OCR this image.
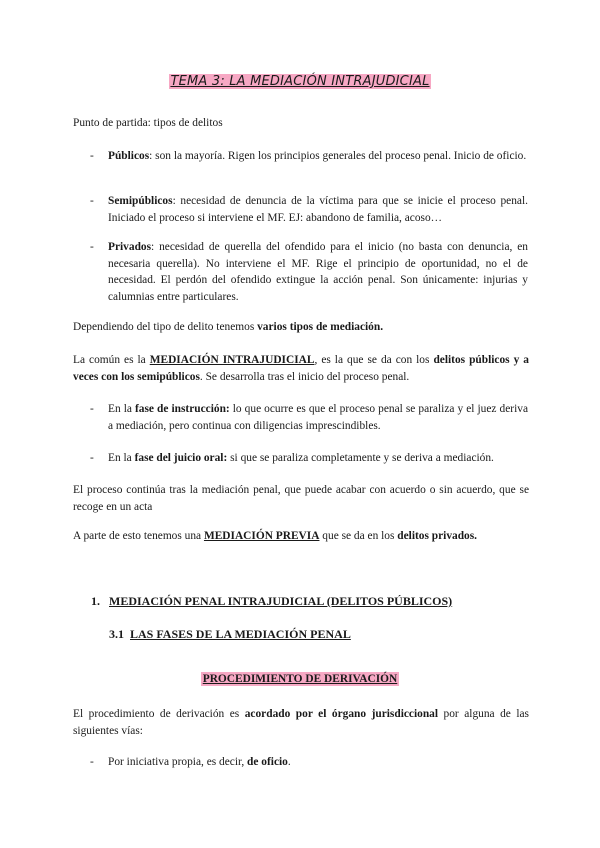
TEMA 3: LA MEDIACIÓN INTRAJUDICIAL
Punto de partida: tipos de delitos
-	Públicos: son la mayoría. Rigen los principios generales del proceso penal. Inicio de oficio.
-	Semipúblicos: necesidad de denuncia de la víctima para que se inicie el proceso penal. Iniciado el proceso si interviene el MF. EJ: abandono de familia, acoso…
-	Privados: necesidad de querella del ofendido para el inicio (no basta con denuncia, en necesaria querella). No interviene el MF. Rige el principio de oportunidad, no el de necesidad. El perdón del ofendido extingue la acción penal. Son únicamente: injurias y calumnias entre particulares.
Dependiendo del tipo de delito tenemos varios tipos de mediación.
La común es la MEDIACIÓN INTRAJUDICIAL, es la que se da con los delitos públicos y a veces con los semipúblicos. Se desarrolla tras el inicio del proceso penal.
-	En la fase de instrucción: lo que ocurre es que el proceso penal se paraliza y el juez deriva a mediación, pero continua con diligencias imprescindibles.
-	En la fase del juicio oral: si que se paraliza completamente y se deriva a mediación.
El proceso continúa tras la mediación penal, que puede acabar con acuerdo o sin acuerdo, que se recoge en un acta
A parte de esto tenemos una MEDIACIÓN PREVIA que se da en los delitos privados.
1. MEDIACIÓN PENAL INTRAJUDICIAL (DELITOS PÚBLICOS)
3.1 LAS FASES DE LA MEDIACIÓN PENAL
PROCEDIMIENTO DE DERIVACIÓN
El procedimiento de derivación es acordado por el órgano jurisdiccional por alguna de las siguientes vías:
-	Por iniciativa propia, es decir, de oficio.
